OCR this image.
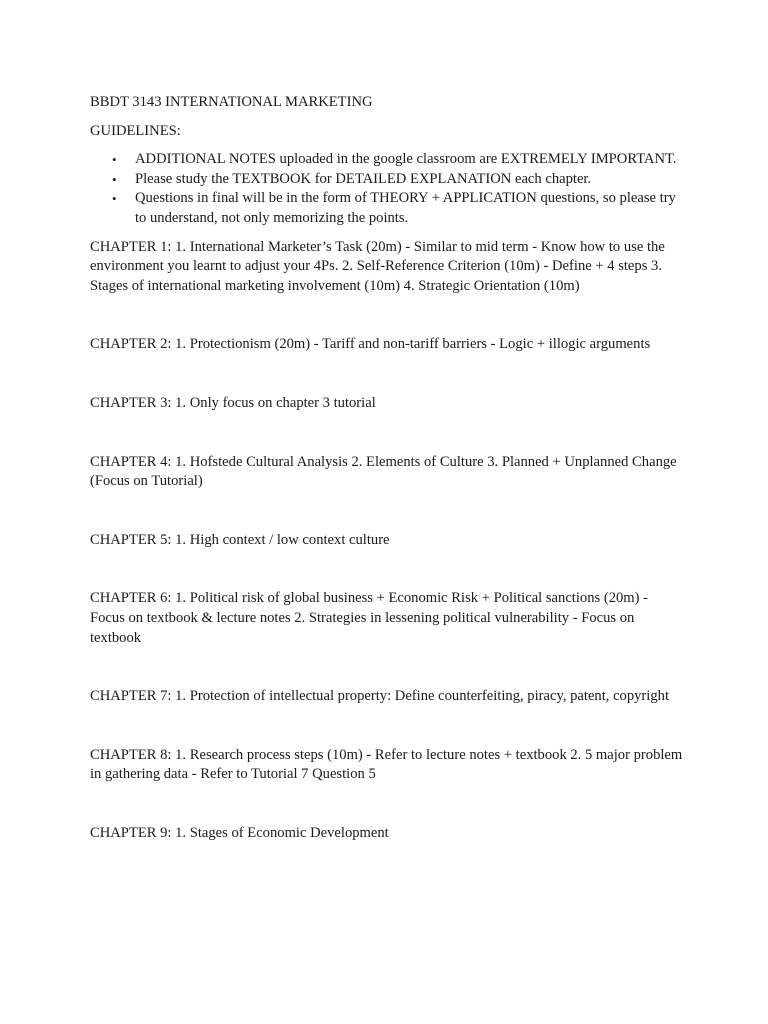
BBDT 3143 INTERNATIONAL MARKETING

GUIDELINES:

•	ADDITIONAL NOTES uploaded in the google classroom are EXTREMELY IMPORTANT.
•	Please study the TEXTBOOK for DETAILED EXPLANATION each chapter.
•	Questions in final will be in the form of THEORY + APPLICATION questions, so please try to understand, not only memorizing the points.

CHAPTER 1: 1. International Marketer’s Task (20m) - Similar to mid term - Know how to use the environment you learnt to adjust your 4Ps. 2. Self-Reference Criterion (10m) - Define + 4 steps 3. Stages of international marketing involvement (10m) 4. Strategic Orientation (10m)

CHAPTER 2: 1. Protectionism (20m) - Tariff and non-tariff barriers - Logic + illogic arguments

CHAPTER 3: 1. Only focus on chapter 3 tutorial

CHAPTER 4: 1. Hofstede Cultural Analysis 2. Elements of Culture 3. Planned + Unplanned Change (Focus on Tutorial)

CHAPTER 5: 1. High context / low context culture

CHAPTER 6: 1. Political risk of global business + Economic Risk + Political sanctions (20m) - Focus on textbook & lecture notes 2. Strategies in lessening political vulnerability - Focus on textbook

CHAPTER 7: 1. Protection of intellectual property: Define counterfeiting, piracy, patent, copyright

CHAPTER 8: 1. Research process steps (10m) - Refer to lecture notes + textbook 2. 5 major problem in gathering data - Refer to Tutorial 7 Question 5

CHAPTER 9: 1. Stages of Economic Development
